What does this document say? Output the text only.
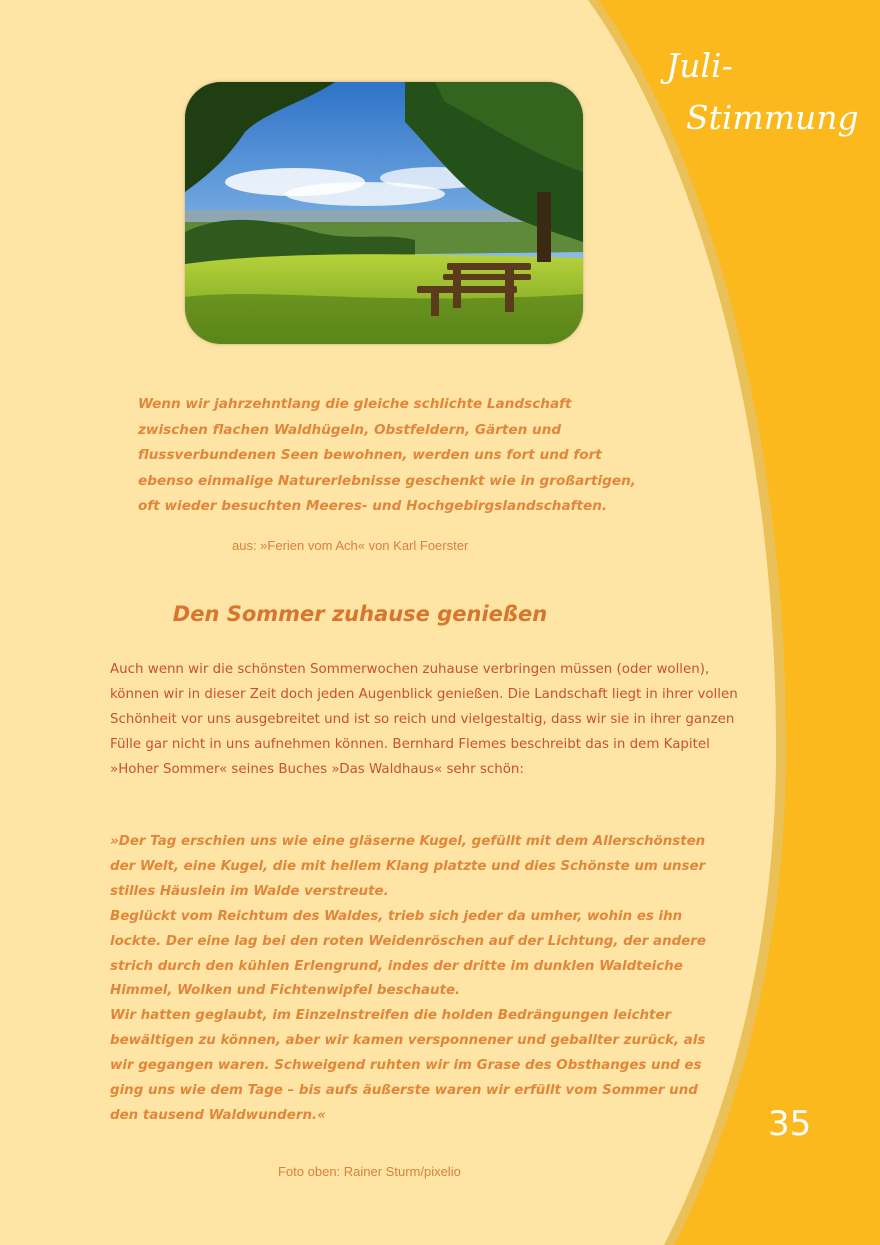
Juli-
Stimmung
Wenn wir jahrzehntlang die gleiche schlichte Landschaft zwischen flachen Waldhügeln, Obstfeldern, Gärten und flussverbundenen Seen bewohnen, werden uns fort und fort ebenso einmalige Naturerlebnisse geschenkt wie in großartigen, oft wieder besuchten Meeres- und Hochgebirgslandschaften.
aus: »Ferien vom Ach« von Karl Foerster
Den Sommer zuhause genießen
Auch wenn wir die schönsten Sommerwochen zuhause verbringen müssen (oder wollen), können wir in dieser Zeit doch jeden Augenblick genießen. Die Landschaft liegt in ihrer vollen Schönheit vor uns ausgebreitet und ist so reich und vielgestaltig, dass wir sie in ihrer ganzen Fülle gar nicht in uns aufnehmen können. Bernhard Flemes beschreibt das in dem Kapitel »Hoher Sommer« seines Buches »Das Waldhaus« sehr schön:
»Der Tag erschien uns wie eine gläserne Kugel, gefüllt mit dem Allerschönsten der Welt, eine Kugel, die mit hellem Klang platzte und dies Schönste um unser stilles Häuslein im Walde verstreute.
Beglückt vom Reichtum des Waldes, trieb sich jeder da umher, wohin es ihn lockte. Der eine lag bei den roten Weidenröschen auf der Lichtung, der andere strich durch den kühlen Erlengrund, indes der dritte im dunklen Waldteiche Himmel, Wolken und Fichtenwipfel beschaute.
Wir hatten geglaubt, im Einzelnstreifen die holden Bedrängungen leichter bewältigen zu können, aber wir kamen versponnener und geballter zurück, als wir gegangen waren. Schweigend ruhten wir im Grase des Obsthanges und es ging uns wie dem Tage – bis aufs äußerste waren wir erfüllt vom Sommer und den tausend Waldwundern.«
Foto oben: Rainer Sturm/pixelio
35
